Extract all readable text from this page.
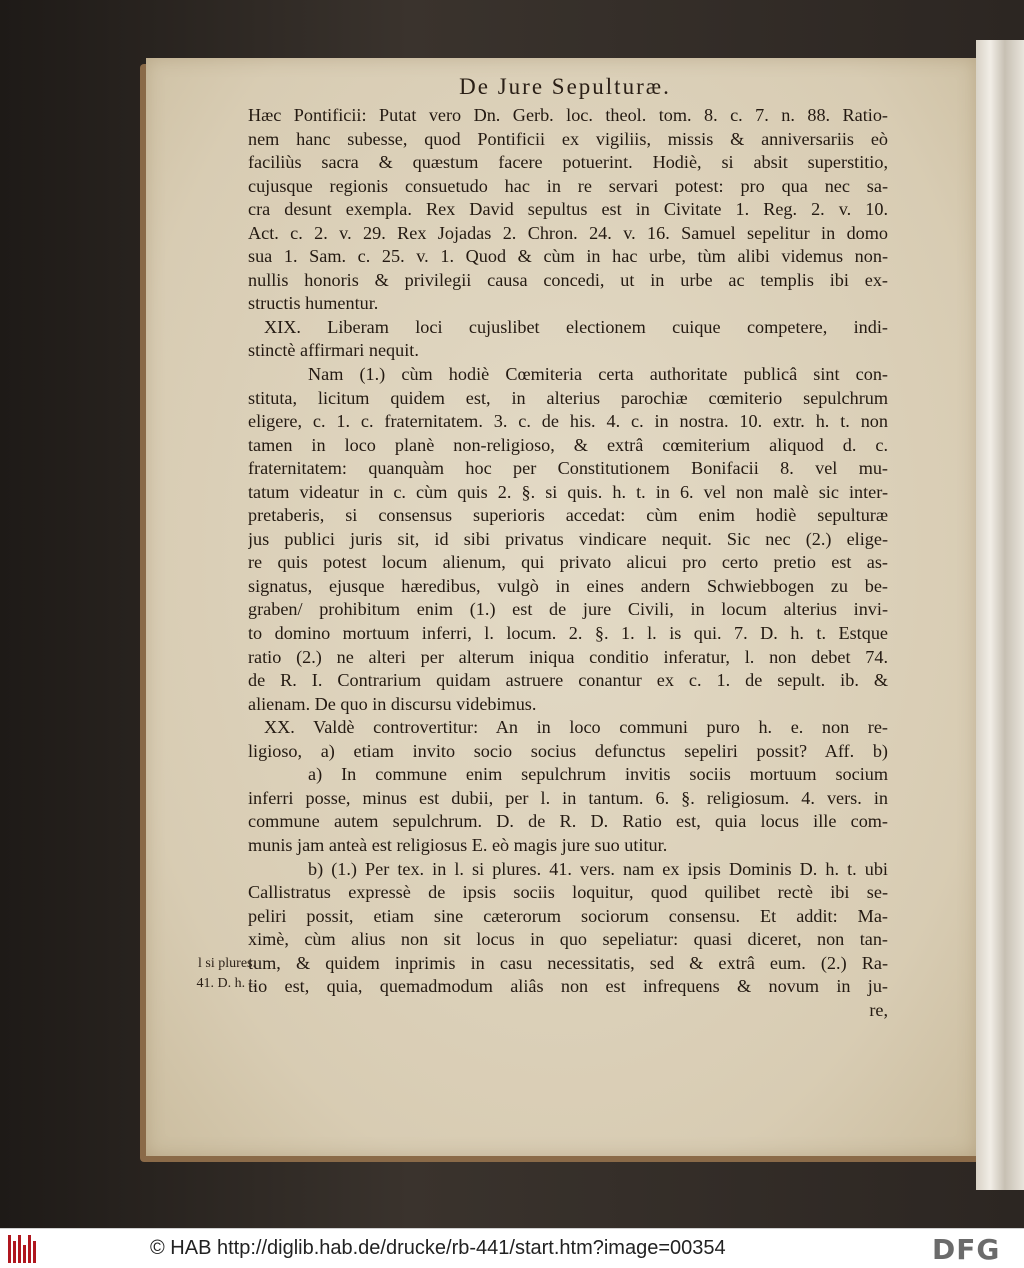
De Jure Sepulturæ.
Hæc Pontificii: Putat vero Dn. Gerb. loc. theol. tom. 8. c. 7. n. 88. Ratio-
nem hanc subesse, quod Pontificii ex vigiliis, missis & anniversariis eò
faciliùs sacra & quæstum facere potuerint. Hodiè, si absit superstitio,
cujusque regionis consuetudo hac in re servari potest: pro qua nec sa-
cra desunt exempla. Rex David sepultus est in Civitate 1. Reg. 2. v. 10.
Act. c. 2. v. 29. Rex Jojadas 2. Chron. 24. v. 16. Samuel sepelitur in domo
sua 1. Sam. c. 25. v. 1. Quod & cùm in hac urbe, tùm alibi videmus non-
nullis honoris & privilegii causa concedi, ut in urbe ac templis ibi ex-
structis humentur.
XIX. Liberam loci cujuslibet electionem cuique competere, indi-
stinctè affirmari nequit.
Nam (1.) cùm hodiè Cœmiteria certa authoritate publicâ sint con-
stituta, licitum quidem est, in alterius parochiæ cœmiterio sepulchrum
eligere, c. 1. c. fraternitatem. 3. c. de his. 4. c. in nostra. 10. extr. h. t. non
tamen in loco planè non-religioso, & extrâ cœmiterium aliquod d. c.
fraternitatem: quanquàm hoc per Constitutionem Bonifacii 8. vel mu-
tatum videatur in c. cùm quis 2. §. si quis. h. t. in 6. vel non malè sic inter-
pretaberis, si consensus superioris accedat: cùm enim hodiè sepulturæ
jus publici juris sit, id sibi privatus vindicare nequit. Sic nec (2.) elige-
re quis potest locum alienum, qui privato alicui pro certo pretio est as-
signatus, ejusque hæredibus, vulgò in eines andern Schwiebbogen zu be-
graben/ prohibitum enim (1.) est de jure Civili, in locum alterius invi-
to domino mortuum inferri, l. locum. 2. §. 1. l. is qui. 7. D. h. t. Estque
ratio (2.) ne alteri per alterum iniqua conditio inferatur, l. non debet 74.
de R. I. Contrarium quidam astruere conantur ex c. 1. de sepult. ib. &
alienam. De quo in discursu videbimus.
XX. Valdè controvertitur: An in loco communi puro h. e. non re-
ligioso, a) etiam invito socio socius defunctus sepeliri possit? Aff. b)
a) In commune enim sepulchrum invitis sociis mortuum socium
inferri posse, minus est dubii, per l. in tantum. 6. §. religiosum. 4. vers. in
commune autem sepulchrum. D. de R. D. Ratio est, quia locus ille com-
munis jam anteà est religiosus E. eò magis jure suo utitur.
b) (1.) Per tex. in l. si plures. 41. vers. nam ex ipsis Dominis D. h. t. ubi
Callistratus expressè de ipsis sociis loquitur, quod quilibet rectè ibi se-
peliri possit, etiam sine cæterorum sociorum consensu. Et addit: Ma-
ximè, cùm alius non sit locus in quo sepeliatur: quasi diceret, non tan-
tum, & quidem inprimis in casu necessitatis, sed & extrâ eum. (2.) Ra-
tio est, quia, quemadmodum aliâs non est infrequens & novum in ju-
re,
l si plures.
41. D. h. t.
© HAB http://diglib.hab.de/drucke/rb-441/start.htm?image=00354	DFG
